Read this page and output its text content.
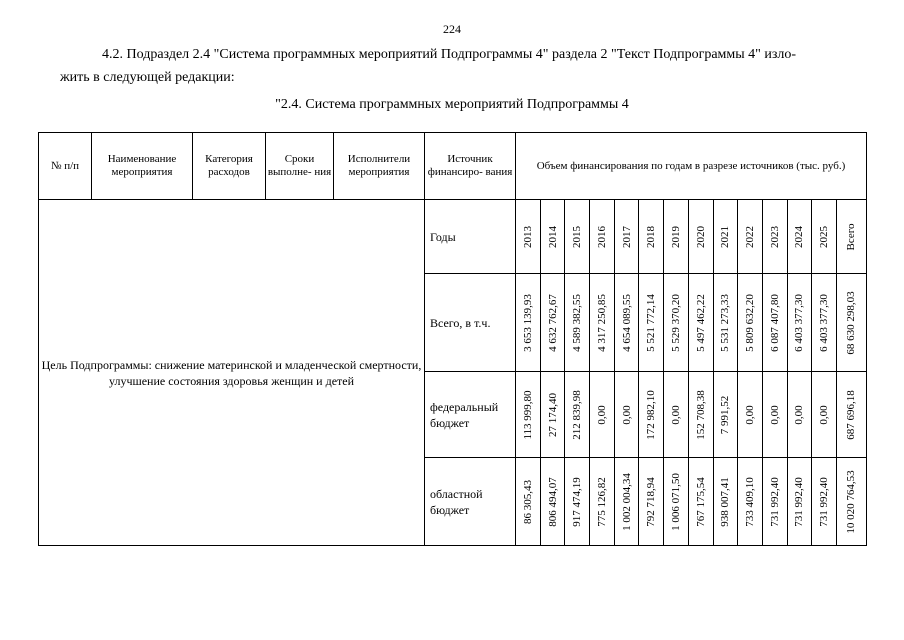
224
4.2. Подраздел 2.4 "Система программных мероприятий Подпрограммы 4" раздела 2 "Текст Подпрограммы 4" изло-
жить в следующей редакции:
"2.4. Система программных мероприятий Подпрограммы 4
№ п/п	Наименование мероприятия	Категория расходов	Сроки выполне- ния	Исполнители мероприятия	Источник финансиро- вания	Объем финансирования по годам в разрезе источников (тыс. руб.)													
Цель Подпрограммы: снижение материнской и младенческой смертности, улучшение состояния здоровья женщин и детей					Годы	2013	2014	2015	2016	2017	2018	2019	2020	2021	2022	2023	2024	2025	Всего

					Всего, в т.ч.	3 653 139,93	4 632 762,67	4 589 382,55	4 317 250,85	4 654 089,55	5 521 772,14	5 529 370,20	5 497 462,22	5 531 273,33	5 809 632,20	6 087 407,80	6 403 377,30	6 403 377,30	68 630 298,03

					федеральный бюджет	113 999,80	27 174,40	212 839,98	0,00	0,00	172 982,10	0,00	152 708,38	7 991,52	0,00	0,00	0,00	0,00	687 696,18

					областной бюджет	86 305,43	806 494,07	917 474,19	775 126,82	1 002 004,34	792 718,94	1 006 071,50	767 175,54	938 007,41	733 409,10	731 992,40	731 992,40	731 992,40	10 020 764,53
